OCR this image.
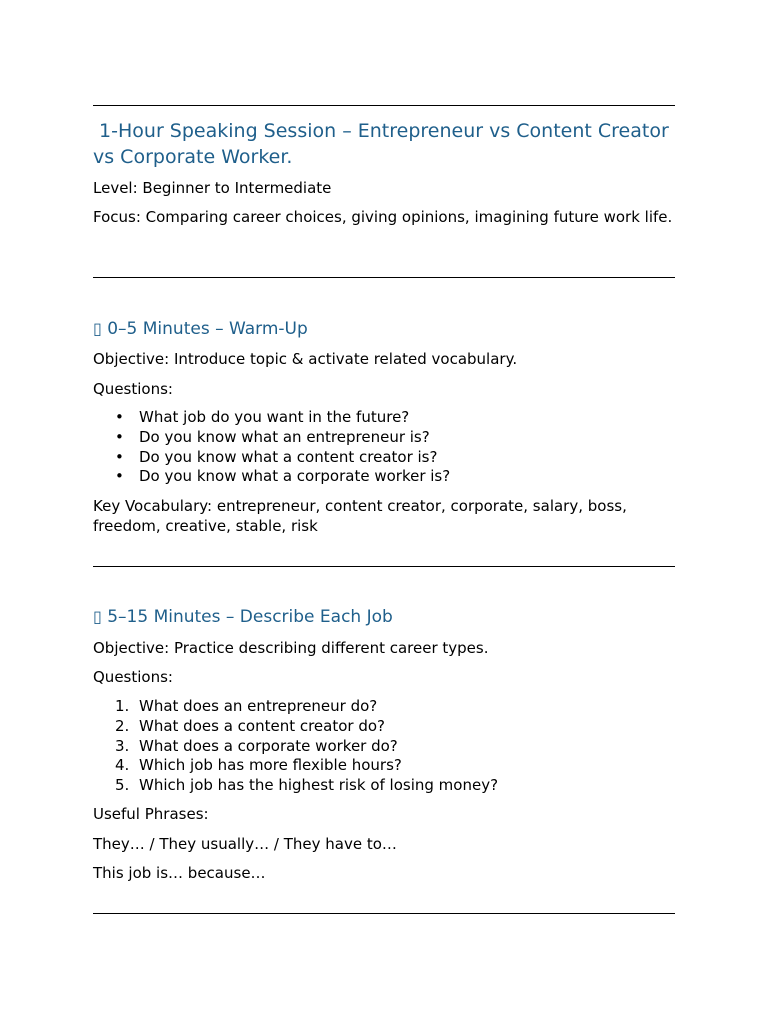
1-Hour Speaking Session – Entrepreneur vs Content Creator vs Corporate Worker.

Level: Beginner to Intermediate

Focus: Comparing career choices, giving opinions, imagining future work life.

▯ 0–5 Minutes – Warm-Up

Objective: Introduce topic & activate related vocabulary.

Questions:

• What job do you want in the future?
• Do you know what an entrepreneur is?
• Do you know what a content creator is?
• Do you know what a corporate worker is?

Key Vocabulary: entrepreneur, content creator, corporate, salary, boss, freedom, creative, stable, risk

▯ 5–15 Minutes – Describe Each Job

Objective: Practice describing different career types.

Questions:

1. What does an entrepreneur do?
2. What does a content creator do?
3. What does a corporate worker do?
4. Which job has more flexible hours?
5. Which job has the highest risk of losing money?

Useful Phrases:

They… / They usually… / They have to…

This job is… because…
